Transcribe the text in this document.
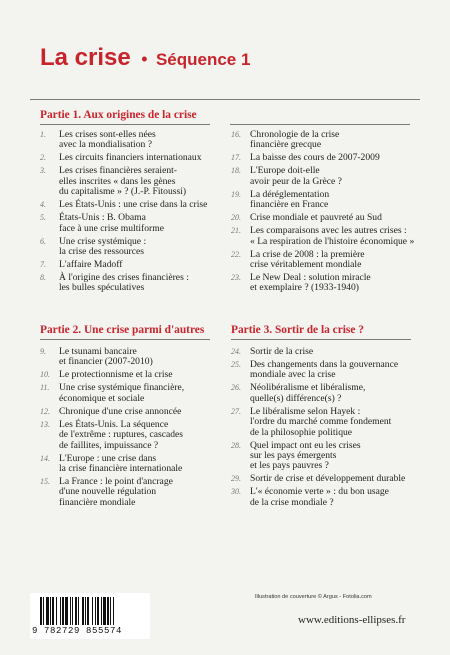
La crise • Séquence 1
Partie 1. Aux origines de la crise
1.	Les crises sont-elles nées
avec la mondialisation ?
2.	Les circuits financiers internationaux
3.	Les crises financières seraient-
elles inscrites « dans les gènes
du capitalisme » ? (J.-P. Fitoussi)
4.	Les États-Unis : une crise dans la crise
5.	États-Unis : B. Obama
face à une crise multiforme
6.	Une crise systémique :
la crise des ressources
7.	L'affaire Madoff
8.	À l'origine des crises financières :
les bulles spéculatives
16. Chronologie de la crise
financière grecque
17. La baisse des cours de 2007-2009
18. L'Europe doit-elle
avoir peur de la Grèce ?
19. La déréglementation
financière en France
20. Crise mondiale et pauvreté au Sud
21. Les comparaisons avec les autres crises :
« La respiration de l'histoire économique »
22. La crise de 2008 : la première
crise véritablement mondiale
23. Le New Deal : solution miracle
et exemplaire ? (1933-1940)
Partie 2. Une crise parmi d'autres
9.	Le tsunami bancaire
et financier (2007-2010)
10. Le protectionnisme et la crise
11. Une crise systémique financière,
économique et sociale
12. Chronique d'une crise annoncée
13. Les États-Unis. La séquence
de l'extrême : ruptures, cascades
de faillites, impuissance ?
14. L'Europe : une crise dans
la crise financière internationale
15. La France : le point d'ancrage
d'une nouvelle régulation
financière mondiale
Partie 3. Sortir de la crise ?
24. Sortir de la crise
25. Des changements dans la gouvernance
mondiale avec la crise
26. Néolibéralisme et libéralisme,
quelle(s) différence(s) ?
27. Le libéralisme selon Hayek :
l'ordre du marché comme fondement
de la philosophie politique
28. Quel impact ont eu les crises
sur les pays émergents
et les pays pauvres ?
29. Sortir de crise et développement durable
30. L'« économie verte » : du bon usage
de la crise mondiale ?
9 782729 855574
Illustration de couverture © Argus - Fotolia.com
www.editions-ellipses.fr
